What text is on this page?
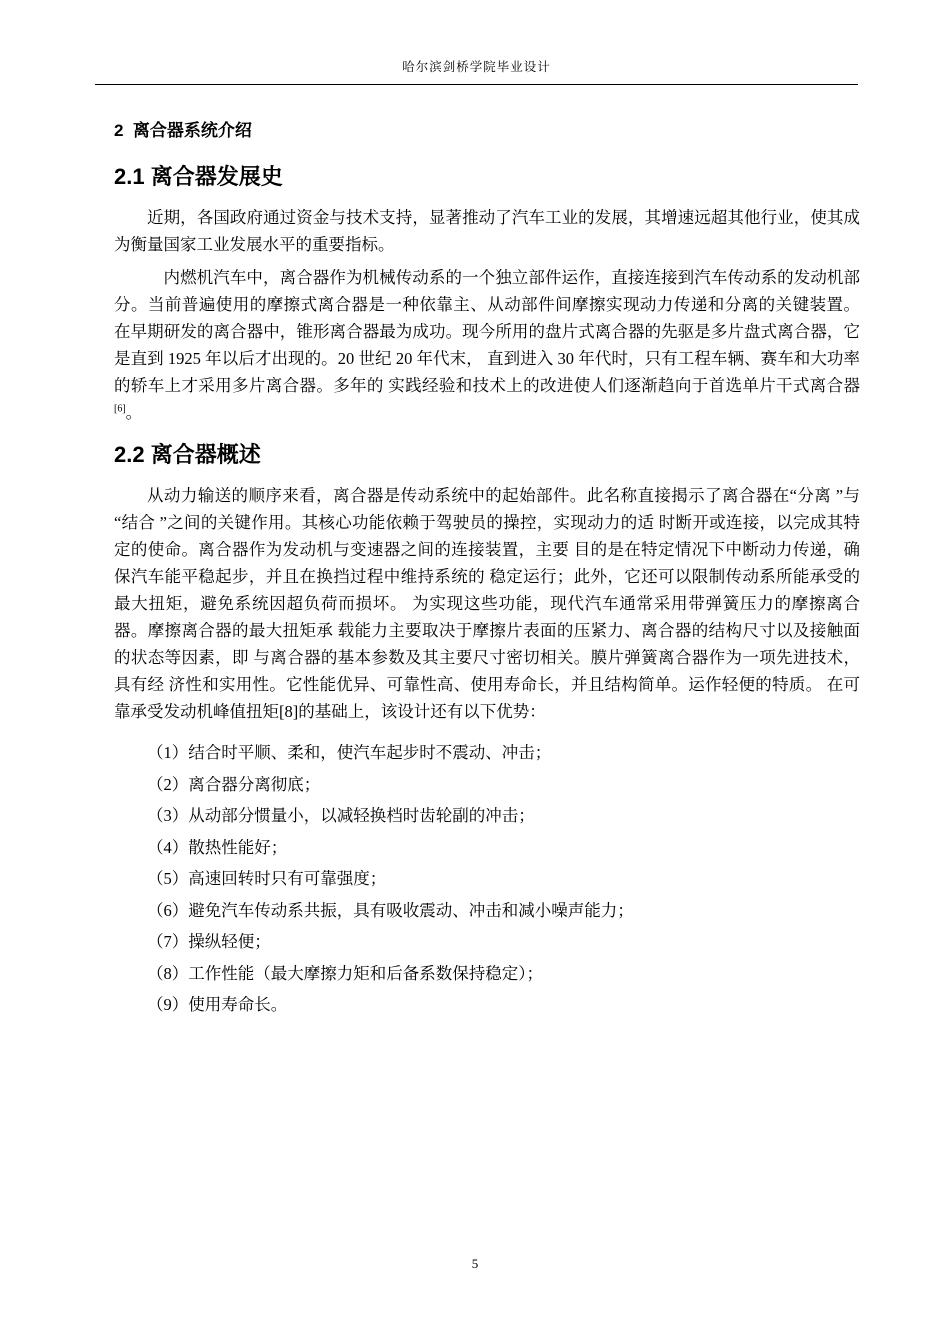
哈尔滨剑桥学院毕业设计
2  离合器系统介绍
2.1 离合器发展史

近期，各国政府通过资金与技术支持，显著推动了汽车工业的发展，其增速远超其他行业，使其成为衡量国家工业发展水平的重要指标。

内燃机汽车中，离合器作为机械传动系的一个独立部件运作，直接连接到汽车传动系的发动机部分。当前普遍使用的摩擦式离合器是一种依靠主、从动部件间摩擦实现动力传递和分离的关键装置。 在早期研发的离合器中，锥形离合器最为成功。现今所用的盘片式离合器的先驱是多片盘式离合器，它是直到 1925 年以后才出现的。20 世纪 20 年代末， 直到进入 30 年代时，只有工程车辆、赛车和大功率的轿车上才采用多片离合器。多年的 实践经验和技术上的改进使人们逐渐趋向于首选单片干式离合器[6]。

2.2 离合器概述

从动力输送的顺序来看，离合器是传动系统中的起始部件。此名称直接揭示了离合器在“分离 ”与“结合 ”之间的关键作用。其核心功能依赖于驾驶员的操控，实现动力的适 时断开或连接，以完成其特定的使命。离合器作为发动机与变速器之间的连接装置，主要 目的是在特定情况下中断动力传递，确保汽车能平稳起步，并且在换挡过程中维持系统的 稳定运行；此外，它还可以限制传动系所能承受的最大扭矩，避免系统因超负荷而损坏。 为实现这些功能，现代汽车通常采用带弹簧压力的摩擦离合器。摩擦离合器的最大扭矩承 载能力主要取决于摩擦片表面的压紧力、离合器的结构尺寸以及接触面的状态等因素，即 与离合器的基本参数及其主要尺寸密切相关。膜片弹簧离合器作为一项先进技术，具有经 济性和实用性。它性能优异、可靠性高、使用寿命长，并且结构简单。运作轻便的特质。 在可靠承受发动机峰值扭矩[8]的基础上，该设计还有以下优势：

（1）结合时平顺、柔和，使汽车起步时不震动、冲击；
（2）离合器分离彻底；
（3）从动部分惯量小，以减轻换档时齿轮副的冲击；
（4）散热性能好；
（5）高速回转时只有可靠强度；
（6）避免汽车传动系共振，具有吸收震动、冲击和减小噪声能力；
（7）操纵轻便；
（8）工作性能（最大摩擦力矩和后备系数保持稳定）；
（9）使用寿命长。
5
